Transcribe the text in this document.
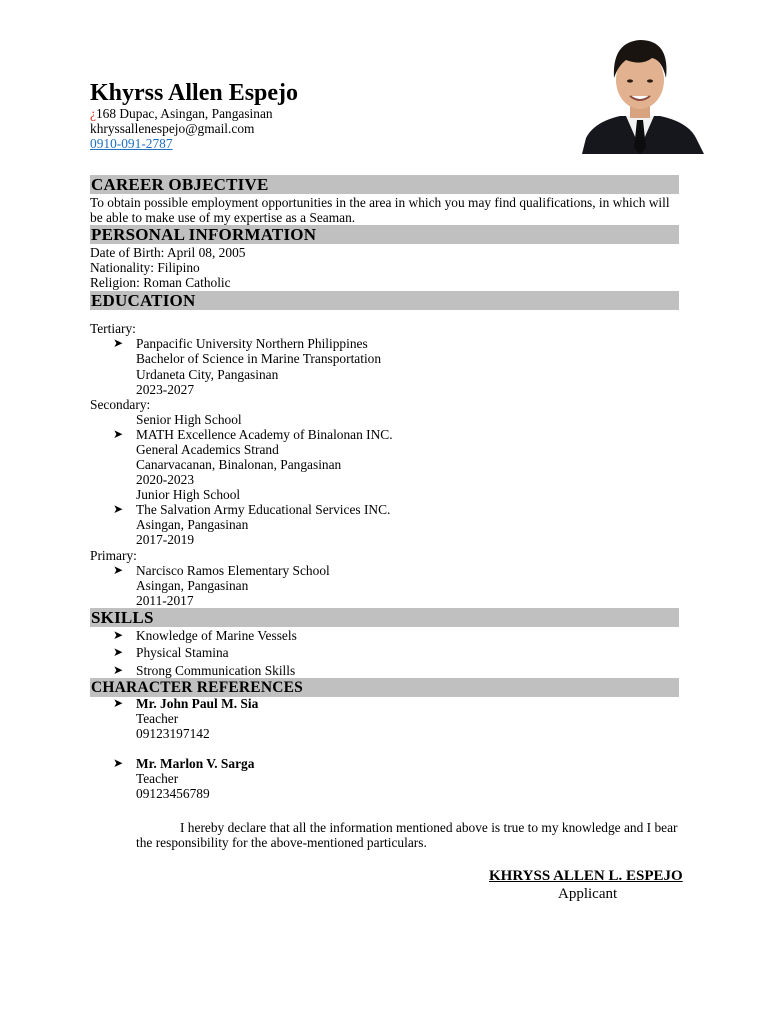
Khyrss Allen Espejo
¿168 Dupac, Asingan, Pangasinan
khryssallenespejo@gmail.com
0910-091-2787
CAREER OBJECTIVE
To obtain possible employment opportunities in the area in which you may find qualifications, in which will be able to make use of my expertise as a Seaman.
PERSONAL INFORMATION
Date of Birth: April 08, 2005
Nationality: Filipino
Religion: Roman Catholic
EDUCATION
Tertiary:
➤ Panpacific University Northern Philippines
Bachelor of Science in Marine Transportation
Urdaneta City, Pangasinan
2023-2027
Secondary:
Senior High School
➤ MATH Excellence Academy of Binalonan INC.
General Academics Strand
Canarvacanan, Binalonan, Pangasinan
2020-2023
Junior High School
➤ The Salvation Army Educational Services INC.
Asingan, Pangasinan
2017-2019
Primary:
➤ Narcisco Ramos Elementary School
Asingan, Pangasinan
2011-2017
SKILLS
➤ Knowledge of Marine Vessels
➤ Physical Stamina
➤ Strong Communication Skills
CHARACTER REFERENCES
➤ Mr. John Paul M. Sia
Teacher
09123197142
➤ Mr. Marlon V. Sarga
Teacher
09123456789
I hereby declare that all the information mentioned above is true to my knowledge and I bear the responsibility for the above-mentioned particulars.
KHRYSS ALLEN L. ESPEJO
Applicant
